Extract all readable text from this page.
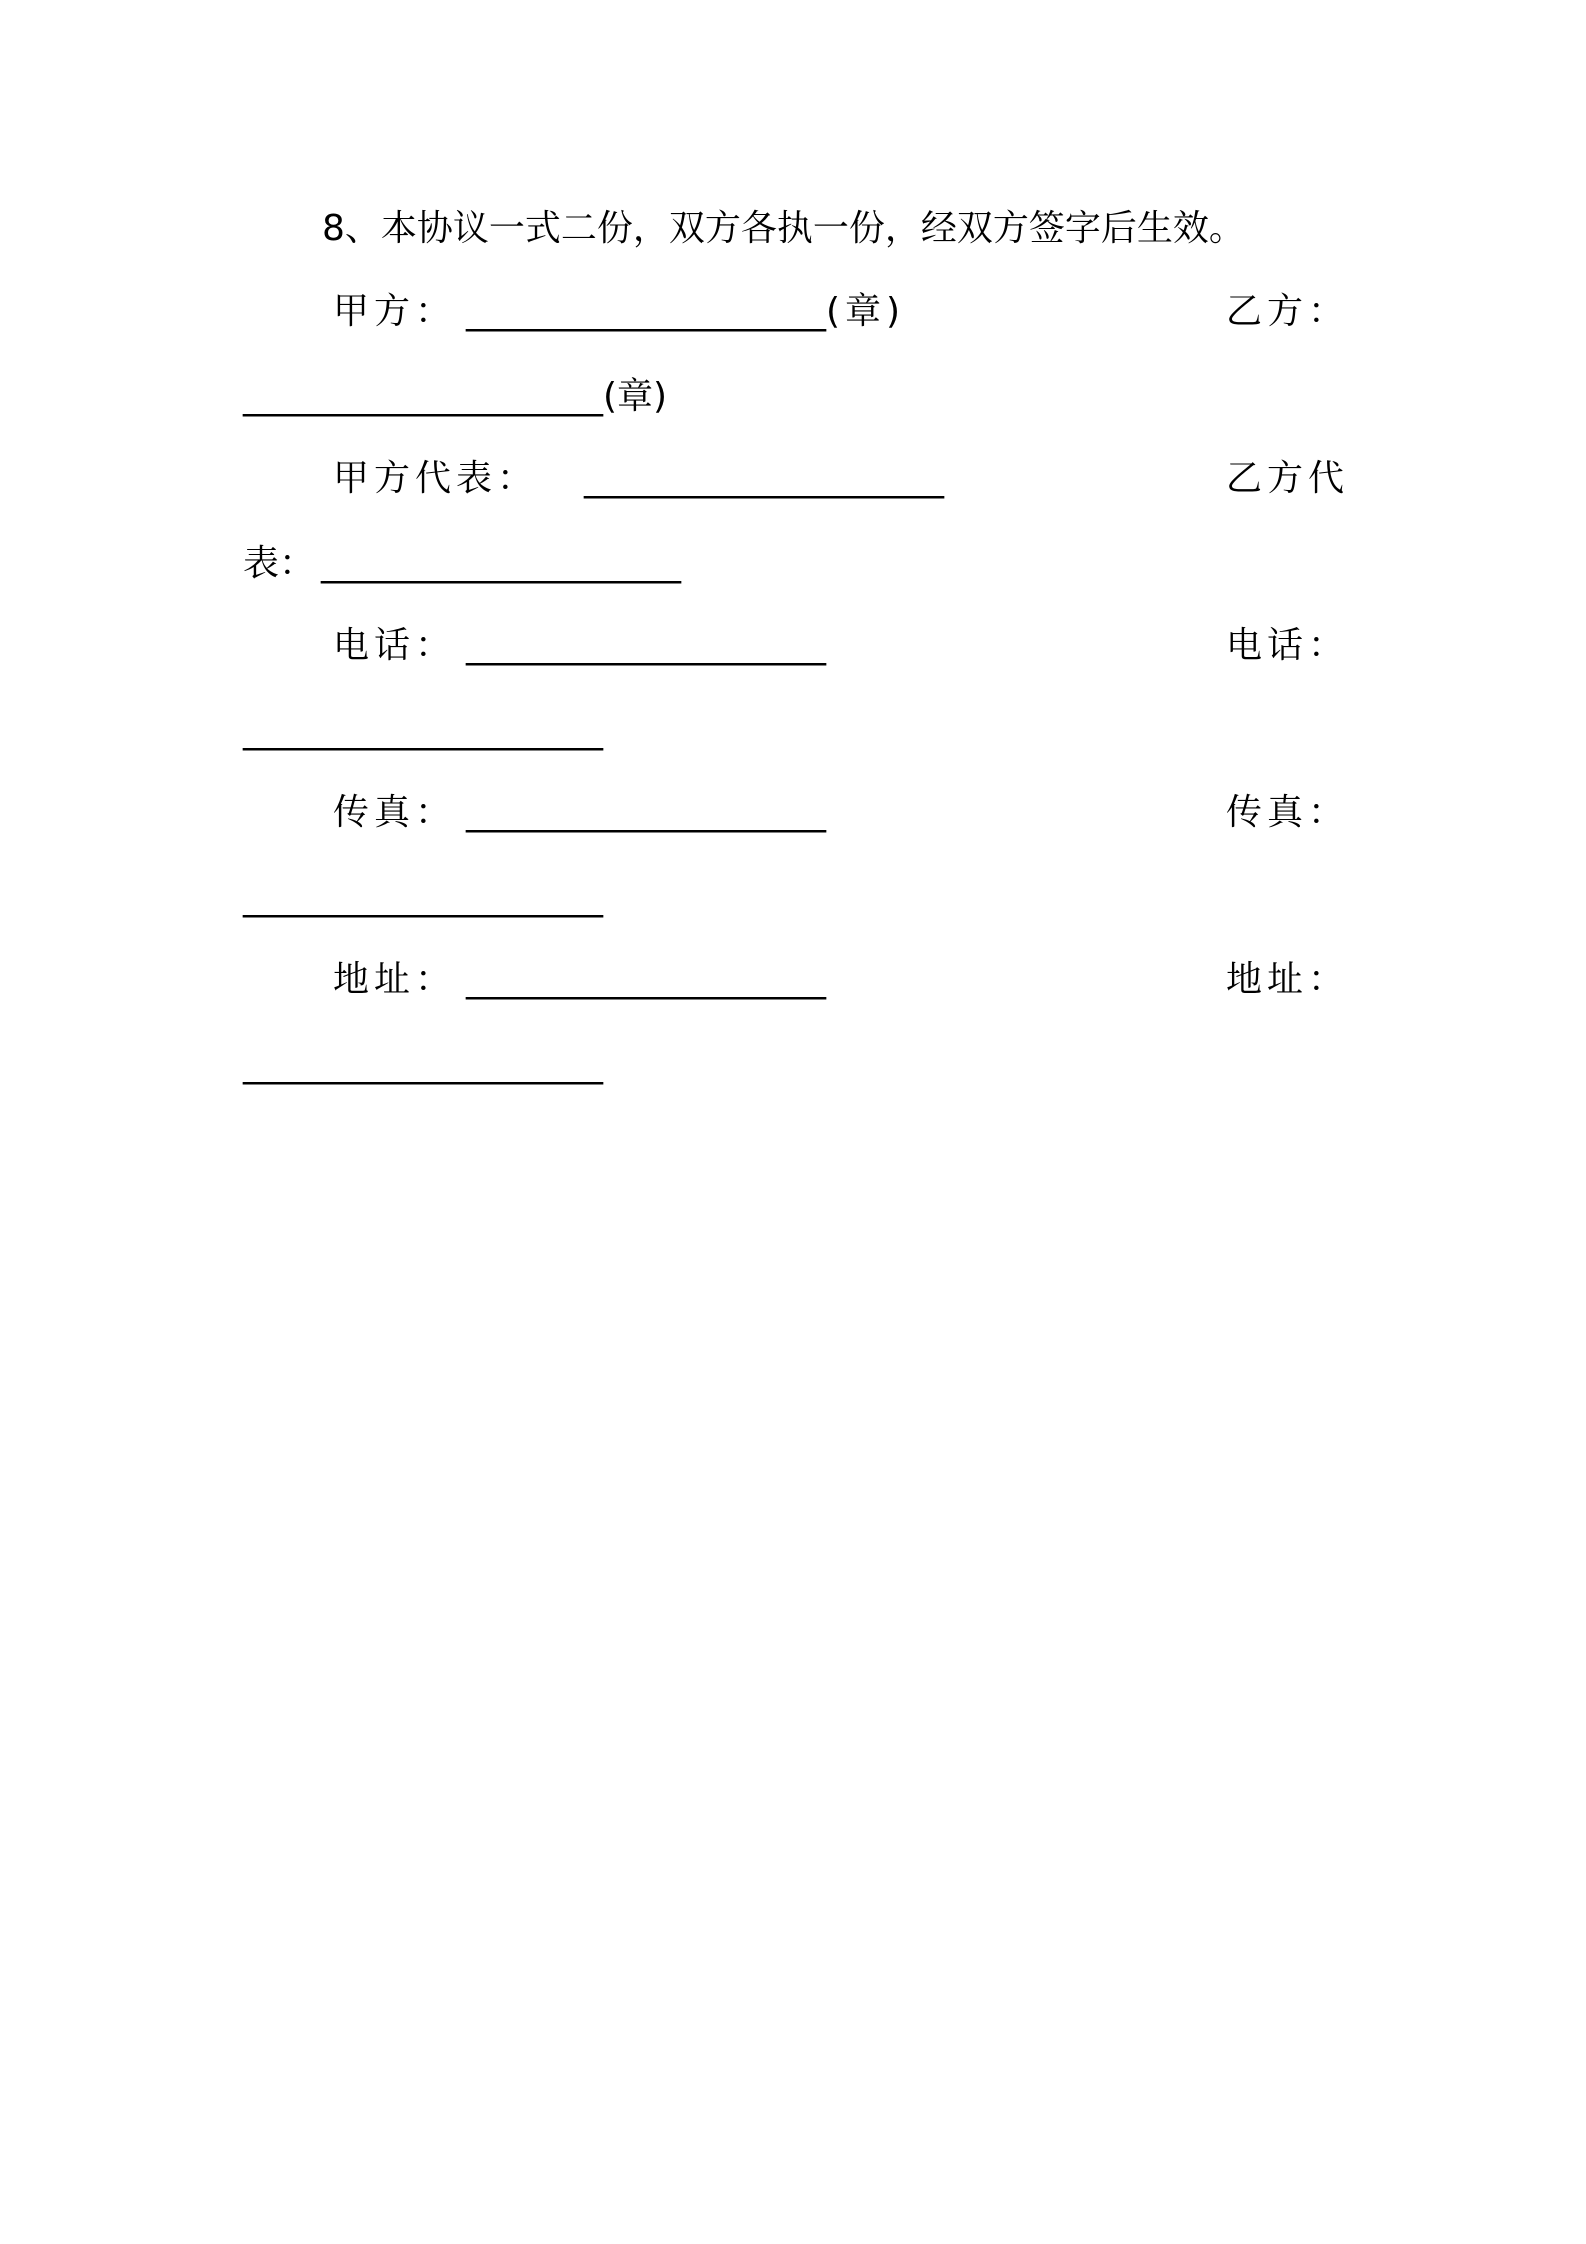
8、本协议一式二份，双方各执一份，经双方签字后生效。
甲方： ____________________(章)	乙方：
____________________(章)
甲方代表： ____________________	乙方代
表： ____________________
电话： ____________________	电话：
____________________
传真： ____________________	传真：
____________________
地址： ____________________	地址：
____________________
